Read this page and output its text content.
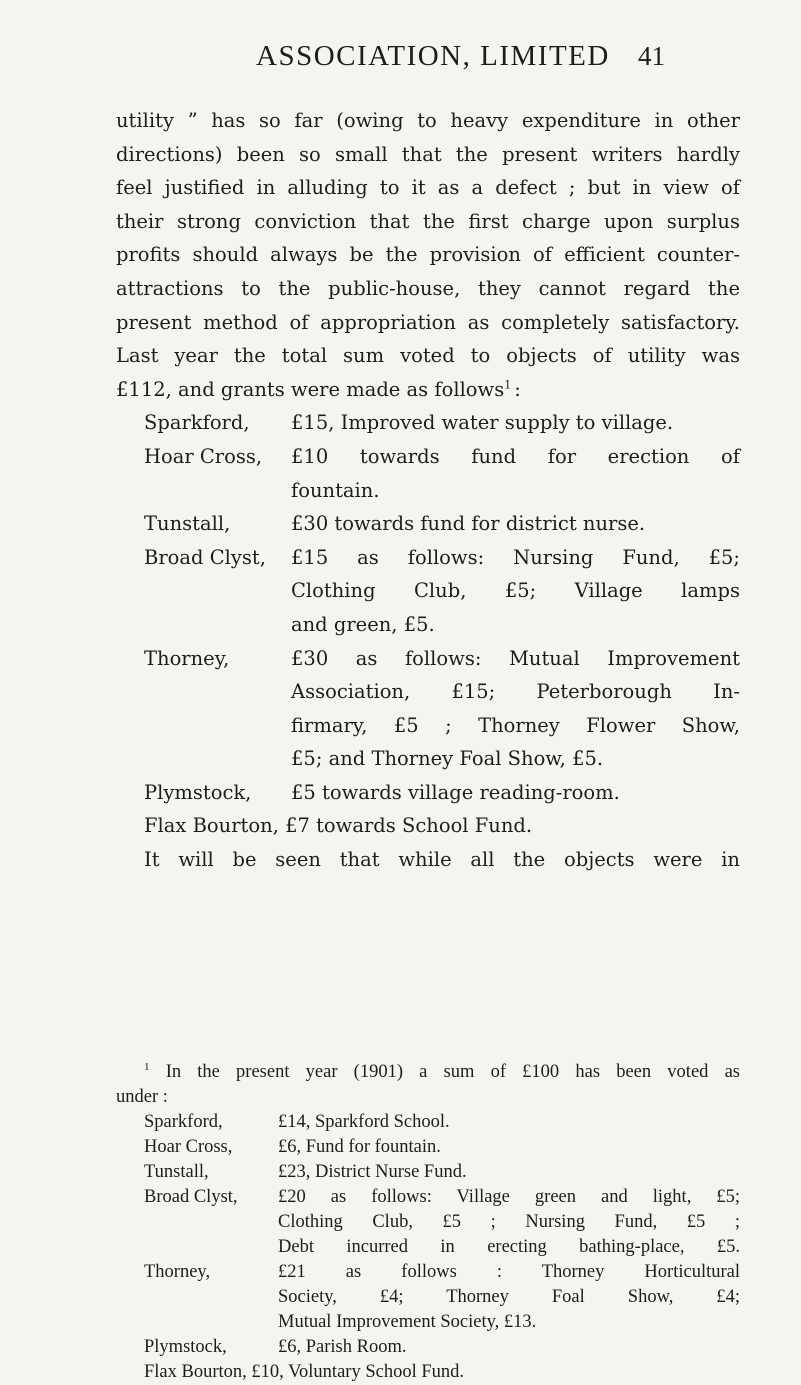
ASSOCIATION, LIMITED 41
utility ” has so far (owing to heavy expenditure in other
directions) been so small that the present writers hardly
feel justified in alluding to it as a defect ; but in view of
their strong conviction that the first charge upon surplus
profits should always be the provision of efficient counter-
attractions to the public-house, they cannot regard the
present method of appropriation as completely satisfactory.
Last year the total sum voted to objects of utility was
£112, and grants were made as follows$^1$ :
Sparkford,	£15, Improved water supply to village.
Hoar Cross,	£10 towards fund for erection of
fountain.
Tunstall,	£30 towards fund for district nurse.
Broad Clyst,	£15 as follows: Nursing Fund, £5;
Clothing Club, £5; Village lamps
and green, £5.
Thorney,	£30 as follows: Mutual Improvement
Association, £15; Peterborough In-
firmary, £5 ; Thorney Flower Show,
£5; and Thorney Foal Show, £5.
Plymstock,	£5 towards village reading-room.
Flax Bourton, £7 towards School Fund.
It will be seen that while all the objects were in
$^1$ In the present year (1901) a sum of £100 has been voted as
under :
Sparkford,	£14, Sparkford School.
Hoar Cross,	£6, Fund for fountain.
Tunstall,	£23, District Nurse Fund.
Broad Clyst,	£20 as follows: Village green and light, £5;
Clothing Club, £5 ; Nursing Fund, £5 ;
Debt incurred in erecting bathing-place, £5.
Thorney,	£21 as follows : Thorney Horticultural
Society, £4; Thorney Foal Show, £4;
Mutual Improvement Society, £13.
Plymstock,	£6, Parish Room.
Flax Bourton, £10, Voluntary School Fund.
